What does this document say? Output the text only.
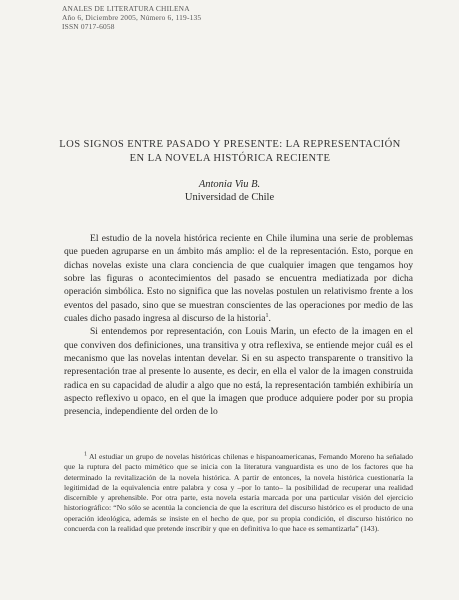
ANALES DE LITERATURA CHILENA
Año 6, Diciembre 2005, Número 6, 119-135
ISSN 0717-6058
LOS SIGNOS ENTRE PASADO Y PRESENTE: LA REPRESENTACIÓN
EN LA NOVELA HISTÓRICA RECIENTE
Antonia Viu B.
Universidad de Chile

El estudio de la novela histórica reciente en Chile ilumina una serie de problemas que pueden agruparse en un ámbito más amplio: el de la representación. Esto, porque en dichas novelas existe una clara conciencia de que cualquier imagen que tengamos hoy sobre las figuras o acontecimientos del pasado se encuentra mediatizada por dicha operación simbólica. Esto no significa que las novelas postulen un relativismo frente a los eventos del pasado, sino que se muestran conscientes de las operaciones por medio de las cuales dicho pasado ingresa al discurso de la historia$^1$.

Si entendemos por representación, con Louis Marin, un efecto de la imagen en el que conviven dos definiciones, una transitiva y otra reflexiva, se entiende mejor cuál es el mecanismo que las novelas intentan develar. Si en su aspecto transparente o transitivo la representación trae al presente lo ausente, es decir, en ella el valor de la imagen construida radica en su capacidad de aludir a algo que no está, la representación también exhibiría un aspecto reflexivo u opaco, en el que la imagen que produce adquiere poder por su propia presencia, independiente del orden de lo

$^1$ Al estudiar un grupo de novelas históricas chilenas e hispanoamericanas, Fernando Moreno ha señalado que la ruptura del pacto mimético que se inicia con la literatura vanguardista es uno de los factores que ha determinado la revitalización de la novela histórica. A partir de entonces, la novela histórica cuestionaría la legitimidad de la equivalencia entre palabra y cosa y –por lo tanto– la posibilidad de recuperar una realidad discernible y aprehensible. Por otra parte, esta novela estaría marcada por una particular visión del ejercicio historiográfico: “No sólo se acentúa la conciencia de que la escritura del discurso histórico es el producto de una operación ideológica, además se insiste en el hecho de que, por su propia condición, el discurso histórico no concuerda con la realidad que pretende inscribir y que en definitiva lo que hace es semantizarla” (143).
